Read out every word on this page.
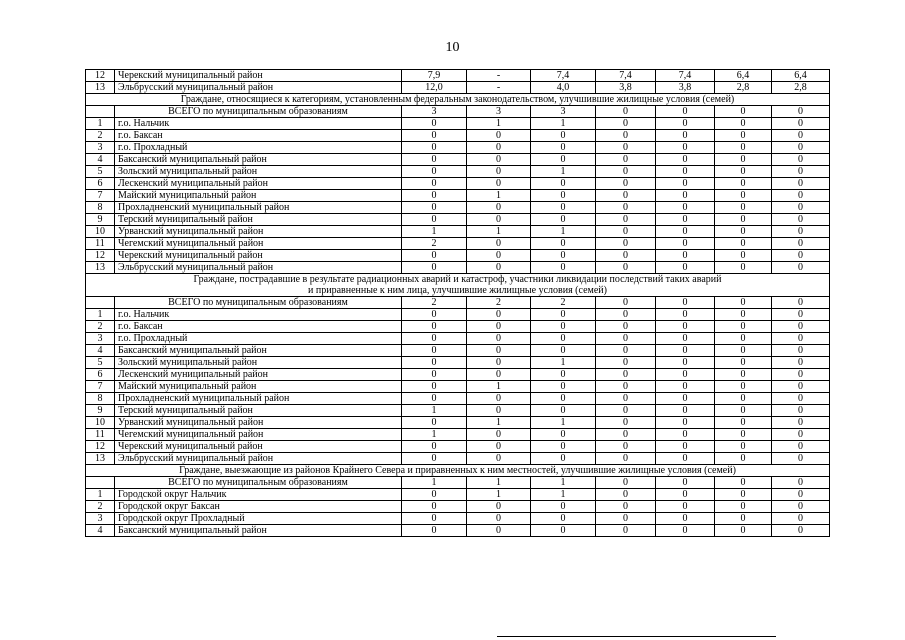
10
12	Черекский муниципальный район	7,9	-	7,4	7,4	7,4	6,4	6,4
13	Эльбрусский муниципальный район	12,0	-	4,0	3,8	3,8	2,8	2,8

Граждане, относящиеся к категориям, установленным федеральным законодательством, улучшившие жилищные условия (семей)								

	ВСЕГО по муниципальным образованиям	3	3	3	0	0	0	0
1	г.о. Нальчик	0	1	1	0	0	0	0
2	г.о. Баксан	0	0	0	0	0	0	0
3	г.о. Прохладный	0	0	0	0	0	0	0
4	Баксанский муниципальный район	0	0	0	0	0	0	0
5	Зольский муниципальный район	0	0	1	0	0	0	0
6	Лескенский муниципальный район	0	0	0	0	0	0	0
7	Майский муниципальный район	0	1	0	0	0	0	0
8	Прохладненский муниципальный район	0	0	0	0	0	0	0
9	Терский муниципальный район	0	0	0	0	0	0	0
10	Урванский муниципальный район	1	1	1	0	0	0	0
11	Чегемский муниципальный район	2	0	0	0	0	0	0
12	Черекский муниципальный район	0	0	0	0	0	0	0
13	Эльбрусский муниципальный район	0	0	0	0	0	0	0

Граждане, пострадавшие в результате радиационных аварий и катастроф, участники ликвидации последствий таких аварий
и приравненные к ним лица, улучшившие жилищные условия (семей)								

	ВСЕГО по муниципальным образованиям	2	2	2	0	0	0	0
1	г.о. Нальчик	0	0	0	0	0	0	0
2	г.о. Баксан	0	0	0	0	0	0	0
3	г.о. Прохладный	0	0	0	0	0	0	0
4	Баксанский муниципальный район	0	0	0	0	0	0	0
5	Зольский муниципальный район	0	0	1	0	0	0	0
6	Лескенский муниципальный район	0	0	0	0	0	0	0
7	Майский муниципальный район	0	1	0	0	0	0	0
8	Прохладненский муниципальный район	0	0	0	0	0	0	0
9	Терский муниципальный район	1	0	0	0	0	0	0
10	Урванский муниципальный район	0	1	1	0	0	0	0
11	Чегемский муниципальный район	1	0	0	0	0	0	0
12	Черекский муниципальный район	0	0	0	0	0	0	0
13	Эльбрусский муниципальный район	0	0	0	0	0	0	0

Граждане, выезжающие из районов Крайнего Севера и приравненных к ним местностей, улучшившие жилищные условия (семей)								

	ВСЕГО по муниципальным образованиям	1	1	1	0	0	0	0
1	Городской округ Нальчик	0	1	1	0	0	0	0
2	Городской округ Баксан	0	0	0	0	0	0	0
3	Городской округ Прохладный	0	0	0	0	0	0	0
4	Баксанский муниципальный район	0	0	0	0	0	0	0
